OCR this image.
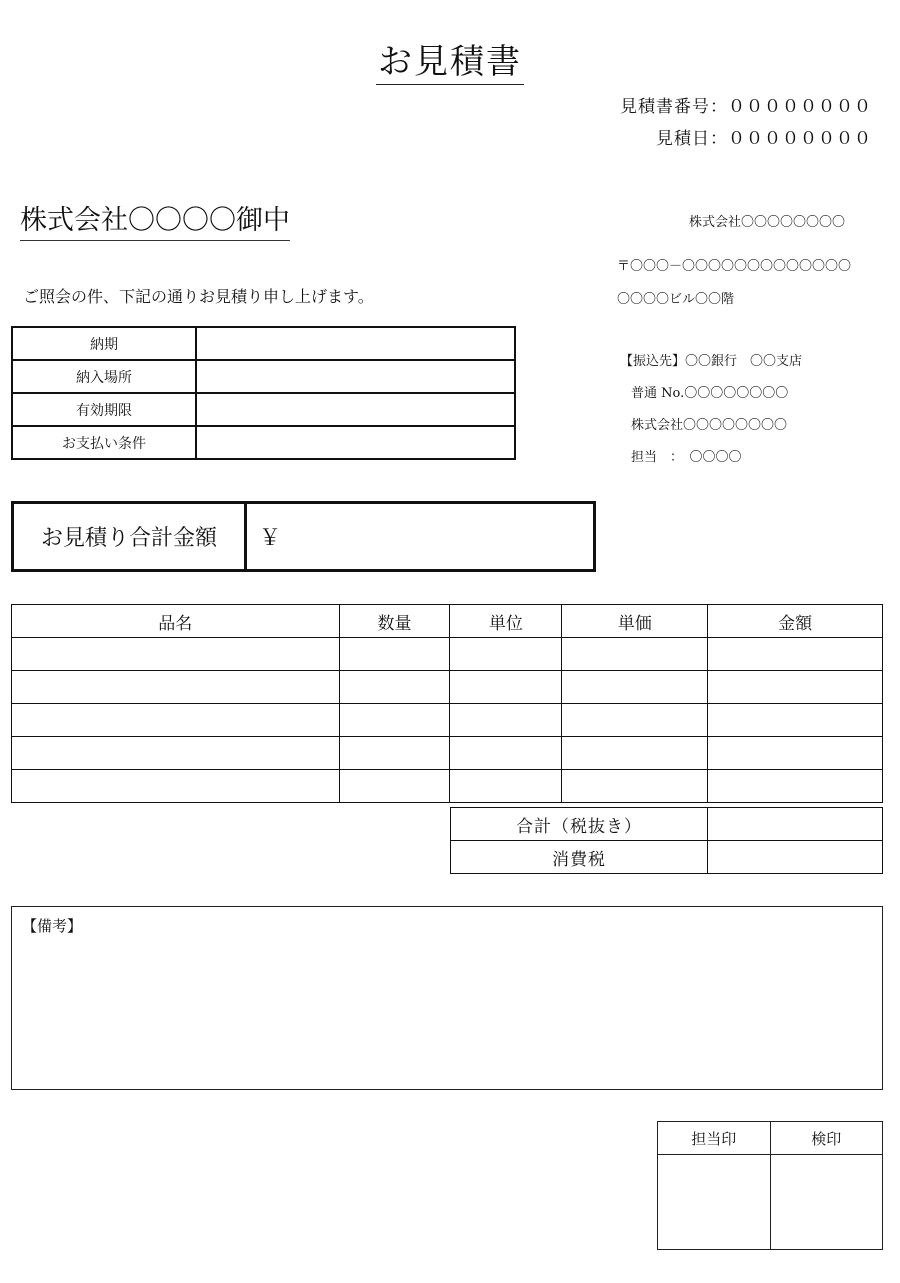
お見積書
見積書番号：００００００００
見積日：００００００００
株式会社〇〇〇〇御中
ご照会の件、下記の通りお見積り申し上げます。
株式会社〇〇〇〇〇〇〇〇
〒〇〇〇－〇〇〇〇〇〇〇〇〇〇〇〇〇
〇〇〇〇ビル〇〇階
【振込先】〇〇銀行　〇〇支店
普通 No.〇〇〇〇〇〇〇〇
株式会社〇〇〇〇〇〇〇〇
担当　：　〇〇〇〇
納期	
納入場所	
有効期限	
お支払い条件	
お見積り合計金額	￥
品名	数量	単位	単価	金額

合計（税抜き）	
消費税	
【備考】
担当印	検印
